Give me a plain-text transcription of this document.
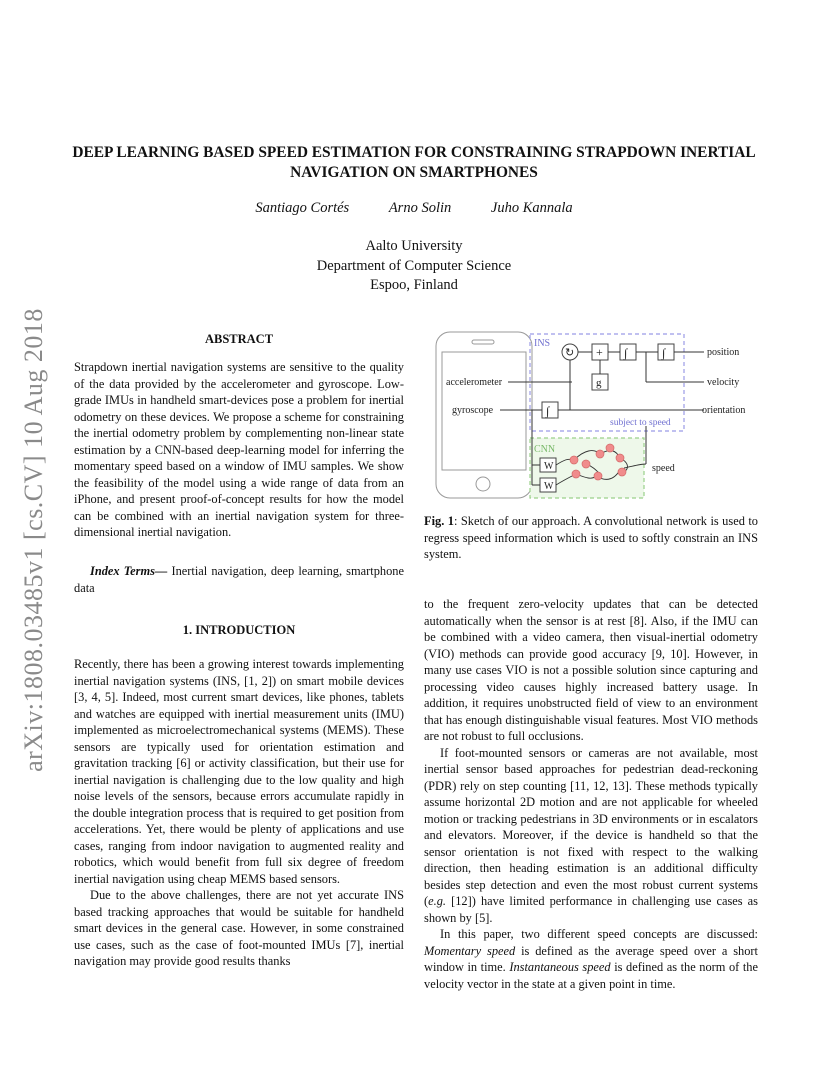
arXiv:1808.03485v1 [cs.CV] 10 Aug 2018
DEEP LEARNING BASED SPEED ESTIMATION FOR CONSTRAINING STRAPDOWN INERTIAL NAVIGATION ON SMARTPHONES
Santiago Cortés	Arno Solin	Juho Kannala
Aalto University
Department of Computer Science
Espoo, Finland
ABSTRACT

Strapdown inertial navigation systems are sensitive to the quality of the data provided by the accelerometer and gyroscope. Low-grade IMUs in handheld smart-devices pose a problem for inertial odometry on these devices. We propose a scheme for constraining the inertial odometry problem by complementing non-linear state estimation by a CNN-based deep-learning model for inferring the momentary speed based on a window of IMU samples. We show the feasibility of the model using a wide range of data from an iPhone, and present proof-of-concept results for how the model can be combined with an inertial navigation system for three-dimensional inertial navigation.

Index Terms— Inertial navigation, deep learning, smartphone data

1. INTRODUCTION

Recently, there has been a growing interest towards implementing inertial navigation systems (INS, [1, 2]) on smart mobile devices [3, 4, 5]. Indeed, most current smart devices, like phones, tablets and watches are equipped with inertial measurement units (IMU) implemented as microelectromechanical systems (MEMS). These sensors are typically used for orientation estimation and gravitation tracking [6] or activity classification, but their use for inertial navigation is challenging due to the low quality and high noise levels of the sensors, because errors accumulate rapidly in the double integration process that is required to get position from accelerations. Yet, there would be plenty of applications and use cases, ranging from indoor navigation to augmented reality and robotics, which would benefit from full six degree of freedom inertial navigation using cheap MEMS based sensors.

Due to the above challenges, there are not yet accurate INS based tracking approaches that would be suitable for handheld smart devices in the general case. However, in some constrained use cases, such as the case of foot-mounted IMUs [7], inertial navigation may provide good results thanks

INS
CNN
accelerometer
gyroscope
↻ + ∫	∫
g
∫
position
velocity
orientation
subject to speed
W
W
speed
Fig. 1: Sketch of our approach. A convolutional network is used to regress speed information which is used to softly constrain an INS system.

to the frequent zero-velocity updates that can be detected automatically when the sensor is at rest [8]. Also, if the IMU can be combined with a video camera, then visual-inertial odometry (VIO) methods can provide good accuracy [9, 10]. However, in many use cases VIO is not a possible solution since capturing and processing video causes highly increased battery usage. In addition, it requires unobstructed field of view to an environment that has enough distinguishable visual features. Most VIO methods are not robust to full occlusions.

If foot-mounted sensors or cameras are not available, most inertial sensor based approaches for pedestrian dead-reckoning (PDR) rely on step counting [11, 12, 13]. These methods typically assume horizontal 2D motion and are not applicable for wheeled motion or tracking pedestrians in 3D environments or in escalators and elevators. Moreover, if the device is handheld so that the sensor orientation is not fixed with respect to the walking direction, then heading estimation is an additional difficulty besides step detection and even the most robust current systems (e.g. [12]) have limited performance in challenging use cases as shown by [5].

In this paper, two different speed concepts are discussed: Momentary speed is defined as the average speed over a short window in time. Instantaneous speed is defined as the norm of the velocity vector in the state at a given point in time.
